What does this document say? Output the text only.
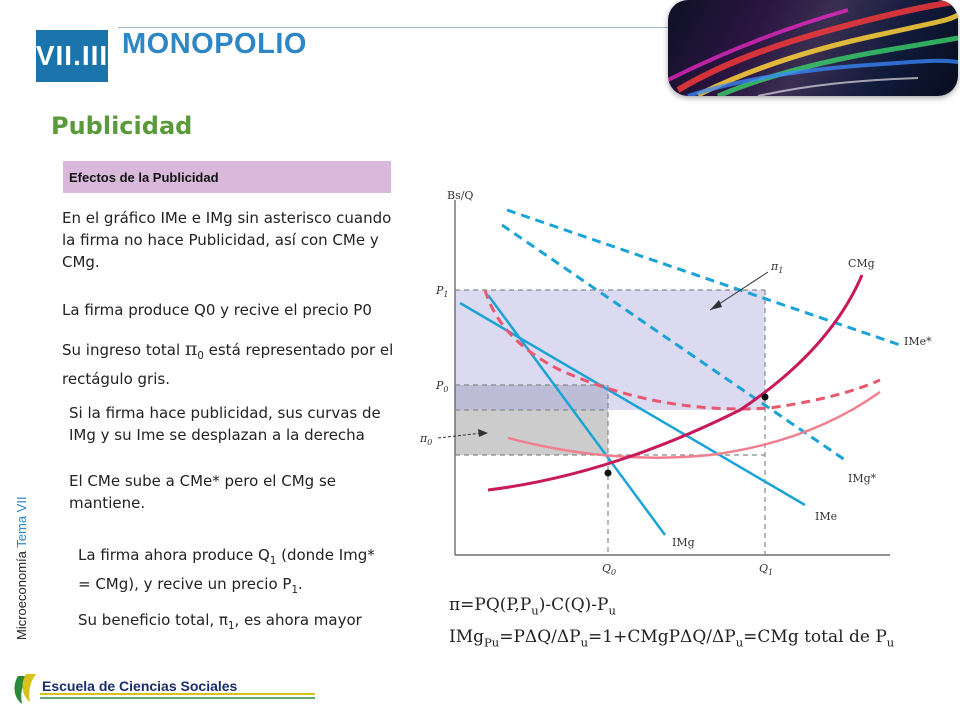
VII.III MONOPOLIO
Publicidad
Efectos de la Publicidad
Microeconomía Tema VII
En el gráfico IMe e IMg sin asterisco cuando la firma no hace Publicidad, así con CMe y CMg.
La firma produce Q0 y recive el precio P0
Su ingreso total $\pi_0$ está representado por el rectágulo gris.
Si la firma hace publicidad, sus curvas de IMg y su Ime se desplazan a la derecha
El CMe sube a CMe* pero el CMg se mantiene.
La firma ahora produce $Q_1$ (donde Img* = CMg), y recive un precio $P_1$.
Su beneficio total, $\pi_1$, es ahora mayor
Bs/Q
$P_1$
$P_0$
$\pi_0$
$\pi_1$
$Q_0$	$Q_1$
CMg
IMe*
IMg*
IMe
IMg
$\pi=PQ(P,P_u)-C(Q)-P_u$
$IMg_{Pu}=P\Delta Q/\Delta P_u=1+CMgP\Delta Q/\Delta P_u=CMg$ total de $P_u$
Escuela de Ciencias Sociales
